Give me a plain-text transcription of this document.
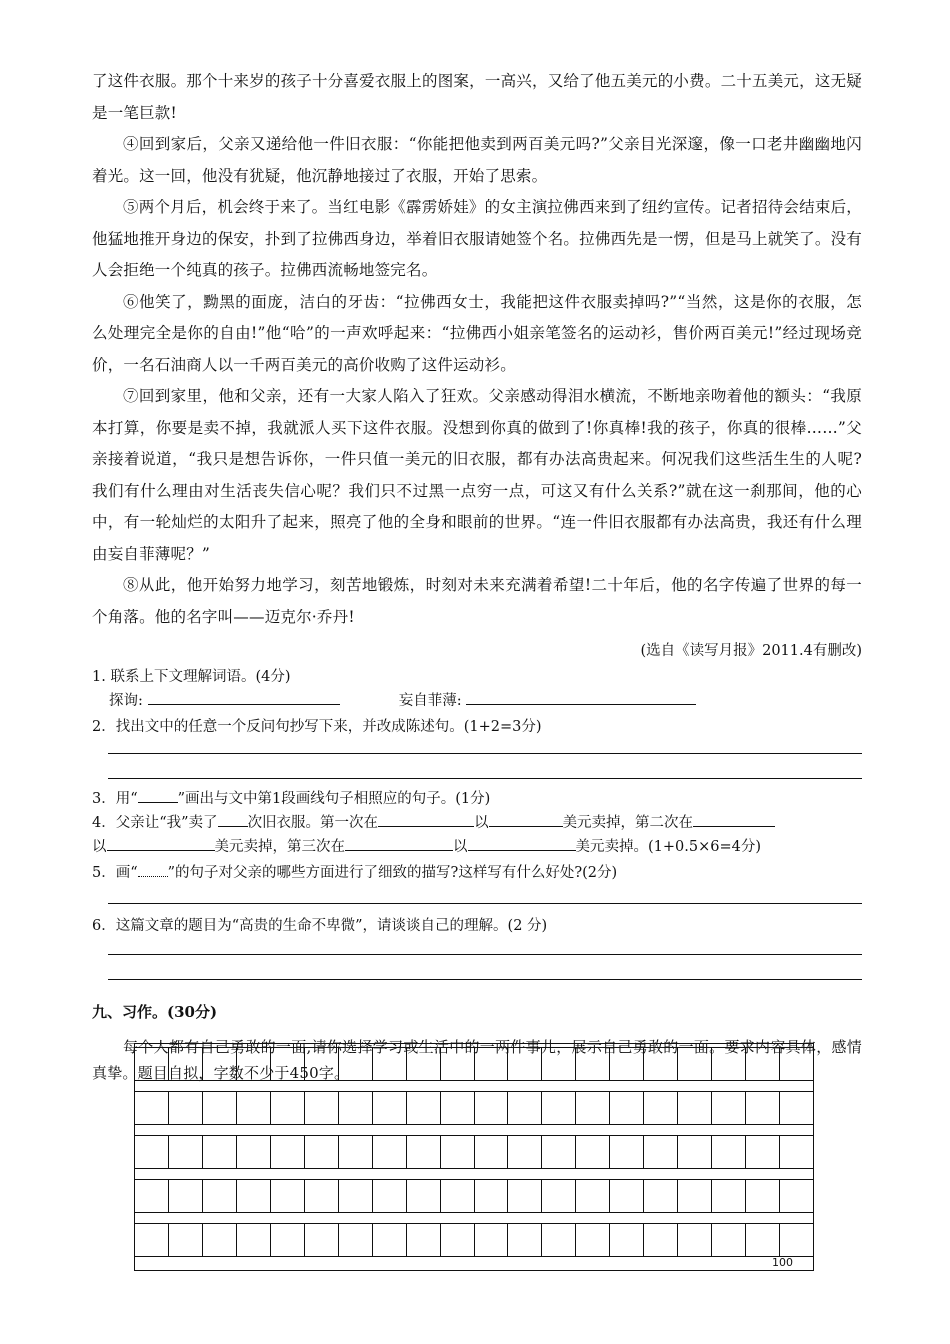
了这件衣服。那个十来岁的孩子十分喜爱衣服上的图案，一高兴，又给了他五美元的小费。二十五美元，这无疑是一笔巨款!

④回到家后，父亲又递给他一件旧衣服：“你能把他卖到两百美元吗?”父亲目光深邃，像一口老井幽幽地闪着光。这一回，他没有犹疑，他沉静地接过了衣服，开始了思索。

⑤两个月后，机会终于来了。当红电影《霹雳娇娃》的女主演拉佛西来到了纽约宣传。记者招待会结束后，他猛地推开身边的保安，扑到了拉佛西身边，举着旧衣服请她签个名。拉佛西先是一愣，但是马上就笑了。没有人会拒绝一个纯真的孩子。拉佛西流畅地签完名。

⑥他笑了，黝黑的面庞，洁白的牙齿：“拉佛西女士，我能把这件衣服卖掉吗?”“当然，这是你的衣服，怎么处理完全是你的自由!”他“哈”的一声欢呼起来：“拉佛西小姐亲笔签名的运动衫，售价两百美元!”经过现场竞价，一名石油商人以一千两百美元的高价收购了这件运动衫。

⑦回到家里，他和父亲，还有一大家人陷入了狂欢。父亲感动得泪水横流，不断地亲吻着他的额头：“我原本打算，你要是卖不掉，我就派人买下这件衣服。没想到你真的做到了!你真棒!我的孩子，你真的很棒……”父亲接着说道，“我只是想告诉你，一件只值一美元的旧衣服，都有办法高贵起来。何况我们这些活生生的人呢?我们有什么理由对生活丧失信心呢？我们只不过黑一点穷一点，可这又有什么关系?”就在这一刹那间，他的心中，有一轮灿烂的太阳升了起来，照亮了他的全身和眼前的世界。“连一件旧衣服都有办法高贵，我还有什么理由妄自菲薄呢？”

⑧从此，他开始努力地学习，刻苦地锻炼，时刻对未来充满着希望!二十年后，他的名字传遍了世界的每一个角落。他的名字叫——迈克尔·乔丹!

(选自《读写月报》2011.4有删改)

1. 联系上下文理解词语。(4分)

探询:	妄自菲薄:

2．找出文中的任意一个反问句抄写下来，并改成陈述句。(1+2=3分)

3．用“	”画出与文中第1段画线句子相照应的句子。(1分)

4．父亲让“我”卖了 次旧衣服。第一次在	以	美元卖掉，第二次在

以	美元卖掉，第三次在	以	美元卖掉。(1+0.5×6=4分)

5．画“ ”的句子对父亲的哪些方面进行了细致的描写?这样写有什么好处?(2分)

6．这篇文章的题目为“高贵的生命不卑微”，请谈谈自己的理解。(2 分)

九、习作。(30分)

每个人都有自己勇敢的一面,请你选择学习或生活中的一两件事儿，展示自己勇敢的一面。要求内容具体，感情真挚。题目自拟，字数不少于450字。

100
